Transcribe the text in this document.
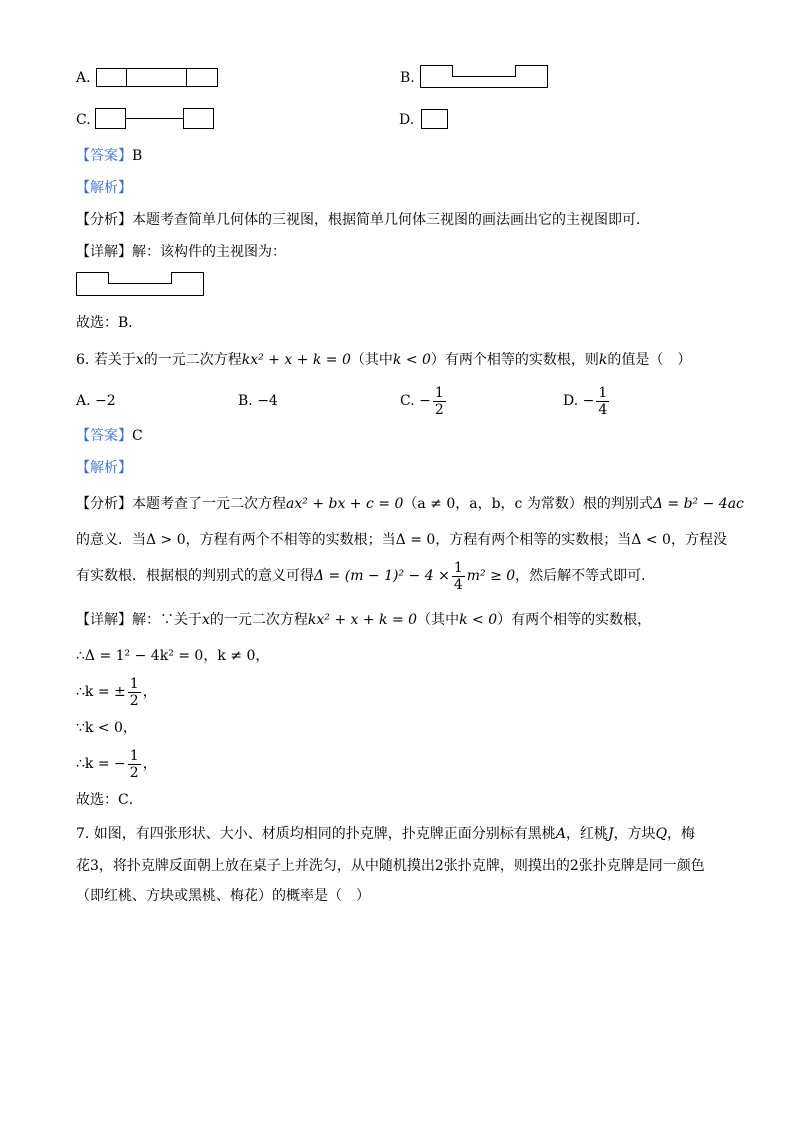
A.	B.
C.	D.
【答案】B
【解析】
【分析】本题考查简单几何体的三视图，根据简单几何体三视图的画法画出它的主视图即可．
【详解】解：该构件的主视图为：
故选：B．
6. 若关于x的一元二次方程kx² + x + k = 0（其中k < 0）有两个相等的实数根，则k的值是（　）
A. −2	B. −4	C. − $\frac{1}{2}$	D. − $\frac{1}{4}$
【答案】C
【解析】
【分析】本题考查了一元二次方程ax² + bx + c = 0（a ≠ 0，a，b，c 为常数）根的判别式Δ = b² − 4ac
的意义．当Δ > 0，方程有两个不相等的实数根；当Δ = 0，方程有两个相等的实数根；当Δ < 0，方程没
有实数根．根据根的判别式的意义可得$\Delta = (m - 1)^2 - 4 \times \frac{1}{4} m^2 \ge 0$，然后解不等式即可．
【详解】解：∵关于x的一元二次方程kx² + x + k = 0（其中k < 0）有两个相等的实数根，
∴Δ = 1² − 4k² = 0，k ≠ 0，
∴k = ± $\frac{1}{2}$ ，
∵k < 0，
∴k = − $\frac{1}{2}$ ，
故选：C．
7. 如图，有四张形状、大小、材质均相同的扑克牌，扑克牌正面分别标有黑桃A，红桃J，方块Q，梅
花3，将扑克牌反面朝上放在桌子上并洗匀，从中随机摸出2张扑克牌，则摸出的2张扑克牌是同一颜色
（即红桃、方块或黑桃、梅花）的概率是（　）
